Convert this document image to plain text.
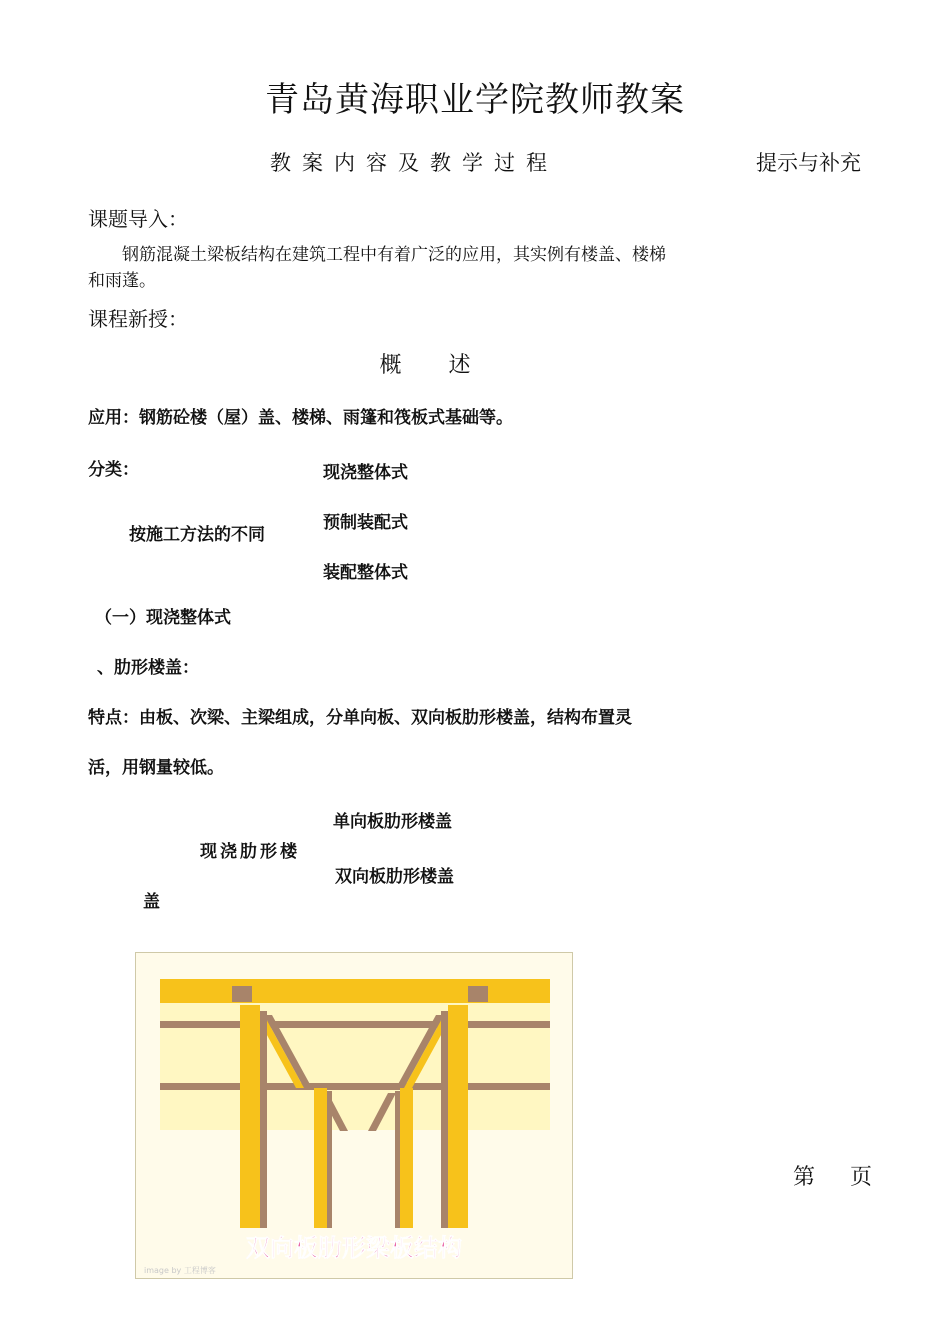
青岛黄海职业学院教师教案
教案内容及教学过程	提示与补充
课题导入：
钢筋混凝土梁板结构在建筑工程中有着广泛的应用，其实例有楼盖、楼梯
和雨蓬。
课程新授：
概 述
应用：钢筋砼楼（屋）盖、楼梯、雨篷和筏板式基础等。
分类：	现浇整体式
按施工方法的不同
预制装配式
装配整体式
（一）现浇整体式
、肋形楼盖：
特点：由板、次梁、主梁组成，分单向板、双向板肋形楼盖，结构布置灵
活，用钢量较低。
单向板肋形楼盖
现浇肋形楼
双向板肋形楼盖
盖
双向板肋形梁板结构
image by 工程博客
第 页
